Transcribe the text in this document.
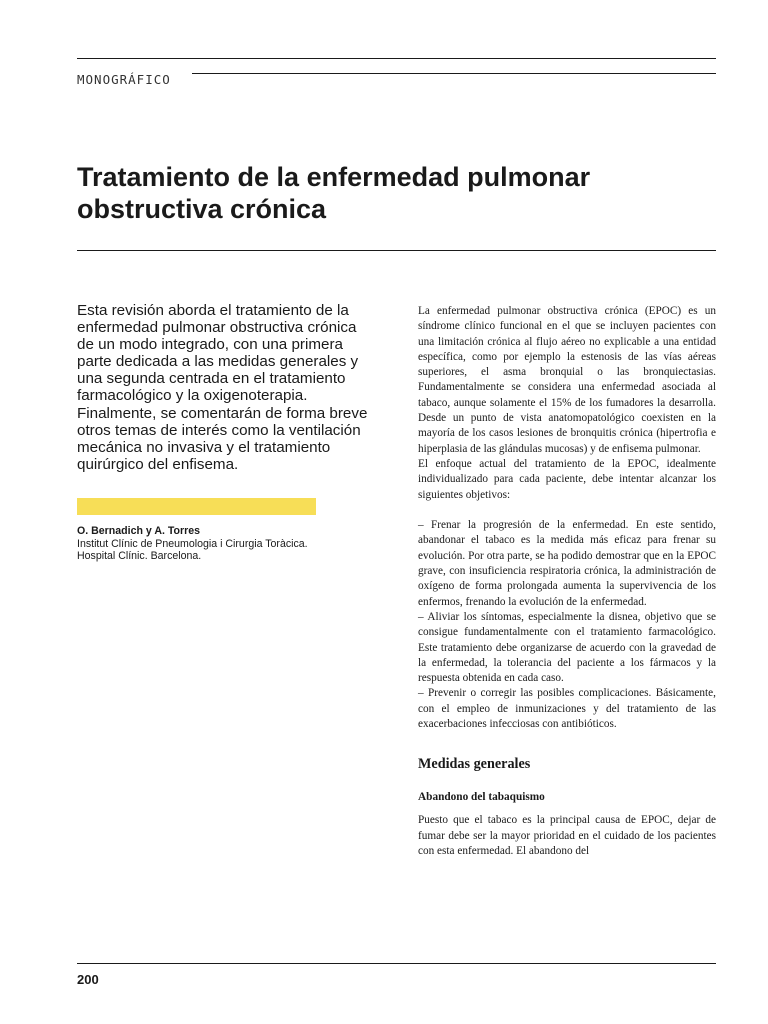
MONOGRÁFICO
Tratamiento de la enfermedad pulmonar obstructiva crónica

Esta revisión aborda el tratamiento de la enfermedad pulmonar obstructiva crónica de un modo integrado, con una primera parte dedicada a las medidas generales y una segunda centrada en el tratamiento farmacológico y la oxigenoterapia. Finalmente, se comentarán de forma breve otros temas de interés como la ventilación mecánica no invasiva y el tratamiento quirúrgico del enfisema.

O. Bernadich y A. Torres
Institut Clínic de Pneumologia i Cirurgia Toràcica.
Hospital Clínic. Barcelona.

La enfermedad pulmonar obstructiva crónica (EPOC) es un síndrome clínico funcional en el que se incluyen pacientes con una limitación crónica al flujo aéreo no explicable a una entidad específica, como por ejemplo la estenosis de las vías aéreas superiores, el asma bronquial o las bronquiectasias. Fundamentalmente se considera una enfermedad asociada al tabaco, aunque solamente el 15% de los fumadores la desarrolla. Desde un punto de vista anatomopatológico coexisten en la mayoría de los casos lesiones de bronquitis crónica (hipertrofia e hiperplasia de las glándulas mucosas) y de enfisema pulmonar.

El enfoque actual del tratamiento de la EPOC, idealmente individualizado para cada paciente, debe intentar alcanzar los siguientes objetivos:

– Frenar la progresión de la enfermedad. En este sentido, abandonar el tabaco es la medida más eficaz para frenar su evolución. Por otra parte, se ha podido demostrar que en la EPOC grave, con insuficiencia respiratoria crónica, la administración de oxígeno de forma prolongada aumenta la supervivencia de los enfermos, frenando la evolución de la enfermedad.

– Aliviar los síntomas, especialmente la disnea, objetivo que se consigue fundamentalmente con el tratamiento farmacológico. Este tratamiento debe organizarse de acuerdo con la gravedad de la enfermedad, la tolerancia del paciente a los fármacos y la respuesta obtenida en cada caso.

– Prevenir o corregir las posibles complicaciones. Básicamente, con el empleo de inmunizaciones y del tratamiento de las exacerbaciones infecciosas con antibióticos.

Medidas generales
Abandono del tabaquismo

Puesto que el tabaco es la principal causa de EPOC, dejar de fumar debe ser la mayor prioridad en el cuidado de los pacientes con esta enfermedad. El abandono del

200
